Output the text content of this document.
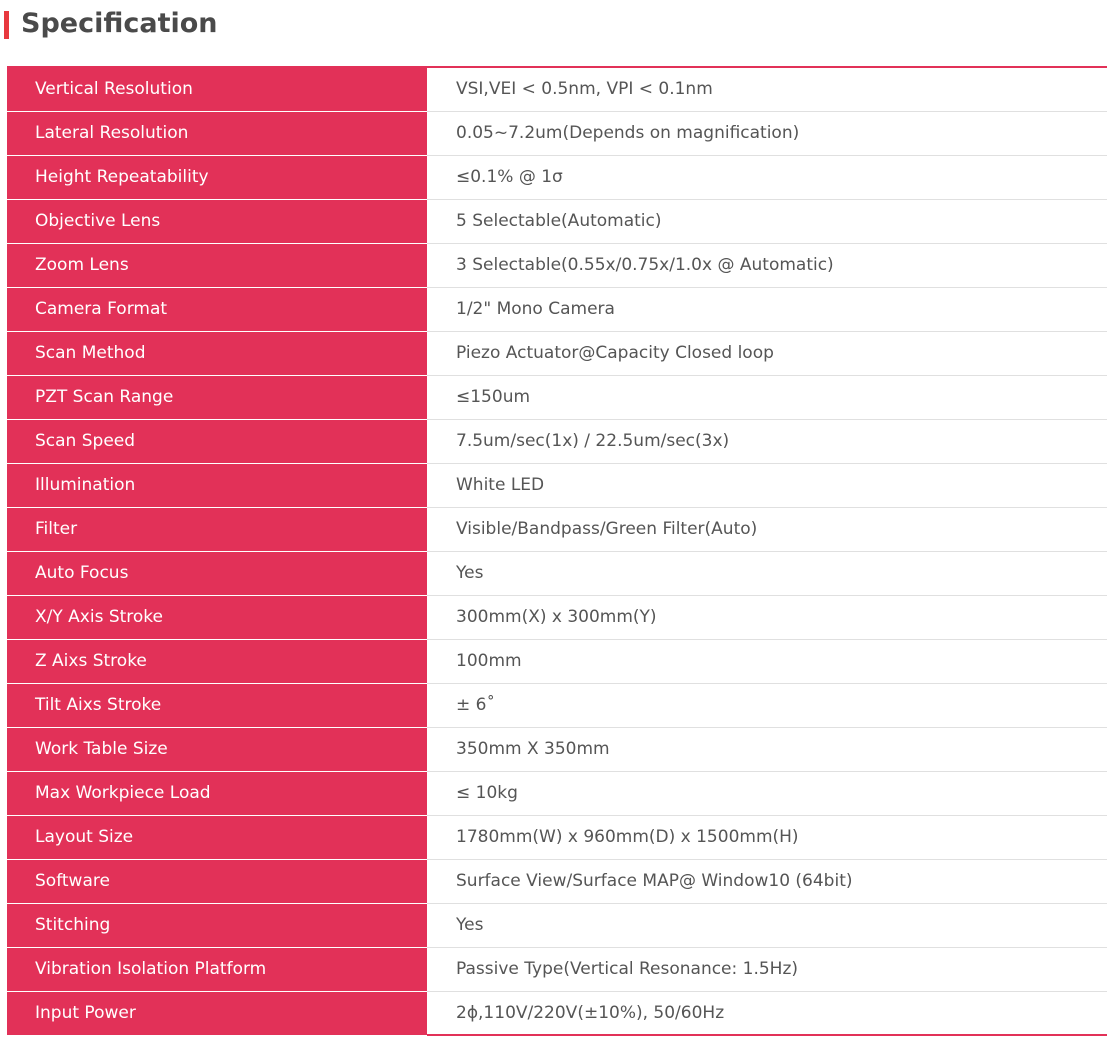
Specification
Vertical Resolution	VSI,VEI < 0.5nm, VPI < 0.1nm
Lateral Resolution	0.05~7.2um(Depends on magnification)
Height Repeatability	≤0.1% @ 1σ
Objective Lens	5 Selectable(Automatic)
Zoom Lens	3 Selectable(0.55x/0.75x/1.0x @ Automatic)
Camera Format	1/2" Mono Camera
Scan Method	Piezo Actuator@Capacity Closed loop
PZT Scan Range	≤150um
Scan Speed	7.5um/sec(1x) / 22.5um/sec(3x)
Illumination	White LED
Filter	Visible/Bandpass/Green Filter(Auto)
Auto Focus	Yes
X/Y Axis Stroke	300mm(X) x 300mm(Y)
Z Aixs Stroke	100mm
Tilt Aixs Stroke	± 6˚
Work Table Size	350mm X 350mm
Max Workpiece Load	≤ 10kg
Layout Size	1780mm(W) x 960mm(D) x 1500mm(H)
Software	Surface View/Surface MAP@ Window10 (64bit)
Stitching	Yes
Vibration Isolation Platform	Passive Type(Vertical Resonance: 1.5Hz)
Input Power	2ɸ,110V/220V(±10%), 50/60Hz
